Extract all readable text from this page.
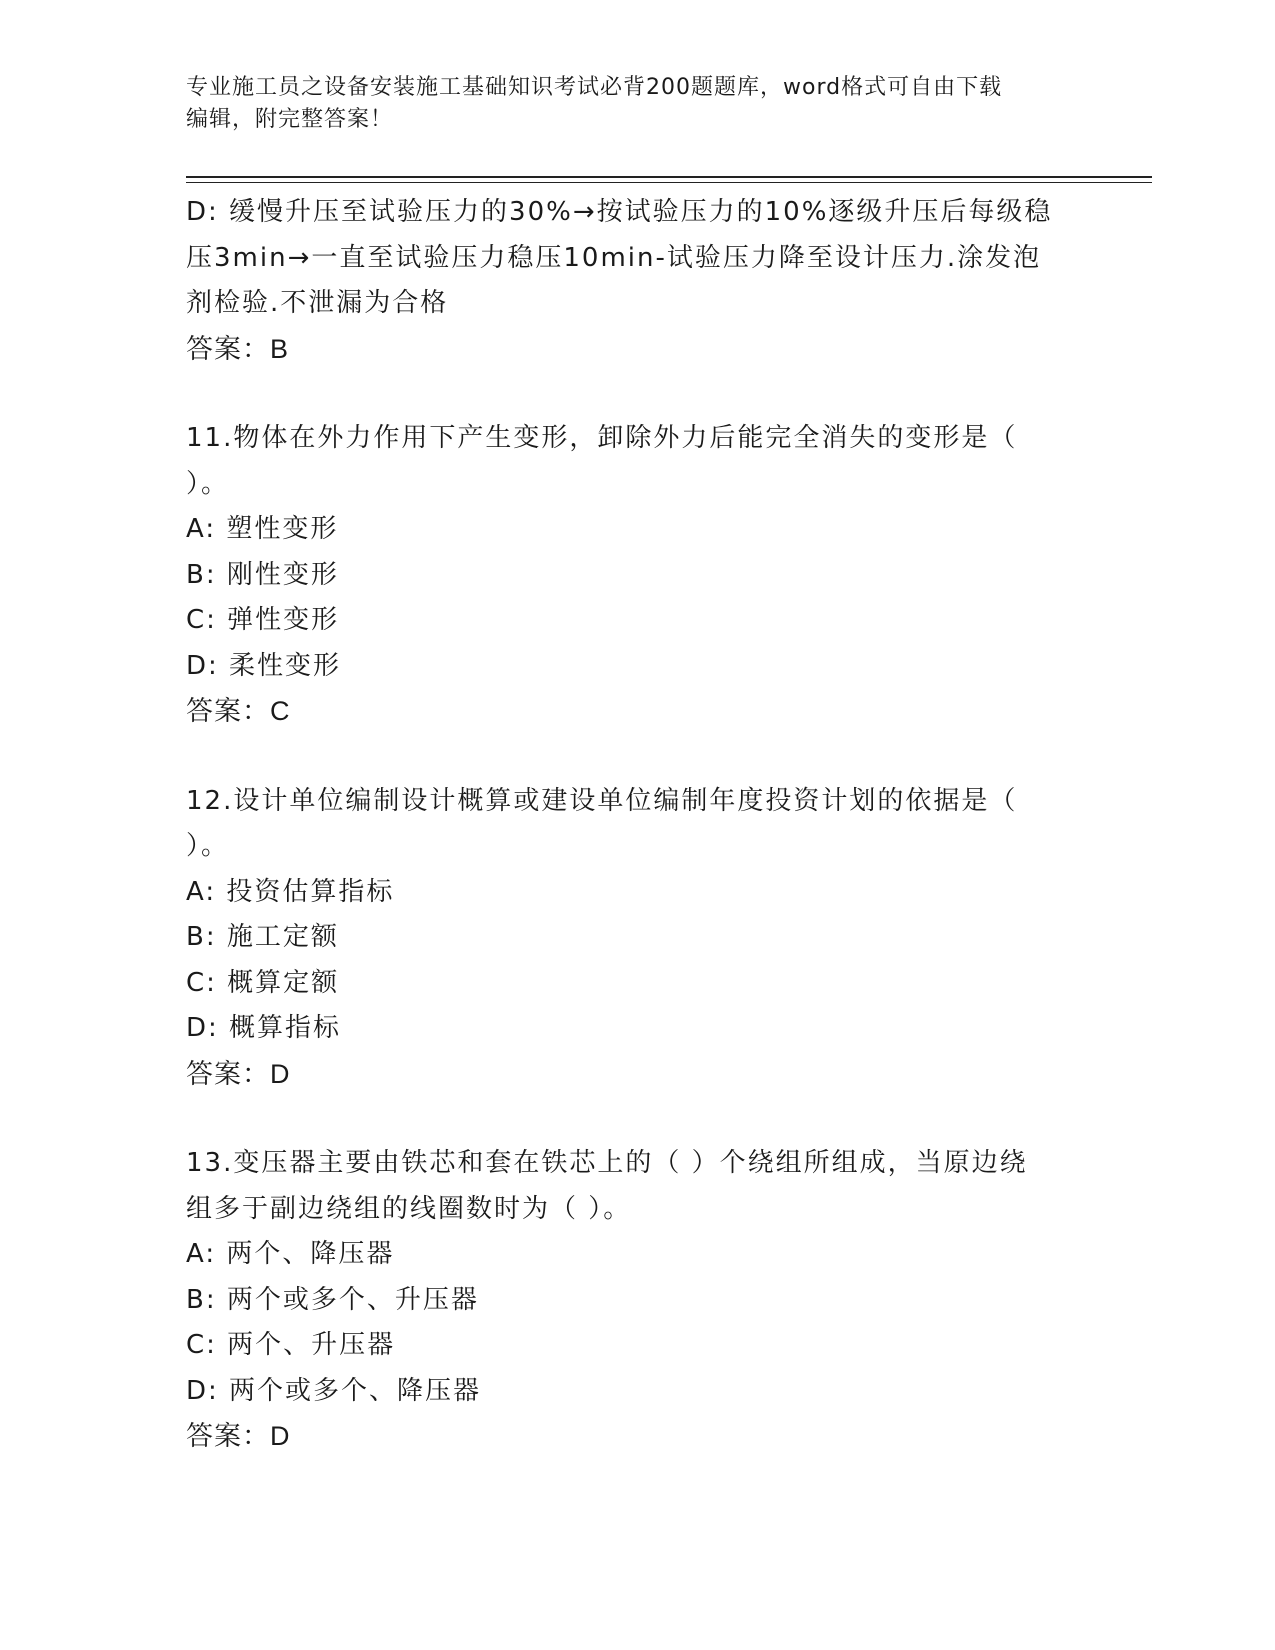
专业施工员之设备安装施工基础知识考试必背200题题库，word格式可自由下载
编辑，附完整答案！

D: 缓慢升压至试验压力的30%→按试验压力的10%逐级升压后每级稳

压3min→一直至试验压力稳压10min-试验压力降至设计压力.涂发泡

剂检验.不泄漏为合格

答案：B

11.物体在外力作用下产生变形，卸除外力后能完全消失的变形是（

）。

A: 塑性变形

B: 刚性变形

C: 弹性变形

D: 柔性变形

答案：C

12.设计单位编制设计概算或建设单位编制年度投资计划的依据是（

）。

A: 投资估算指标

B: 施工定额

C: 概算定额

D: 概算指标

答案：D

13.变压器主要由铁芯和套在铁芯上的（ ）个绕组所组成，当原边绕

组多于副边绕组的线圈数时为（ ）。

A: 两个、降压器

B: 两个或多个、升压器

C: 两个、升压器

D: 两个或多个、降压器

答案：D
